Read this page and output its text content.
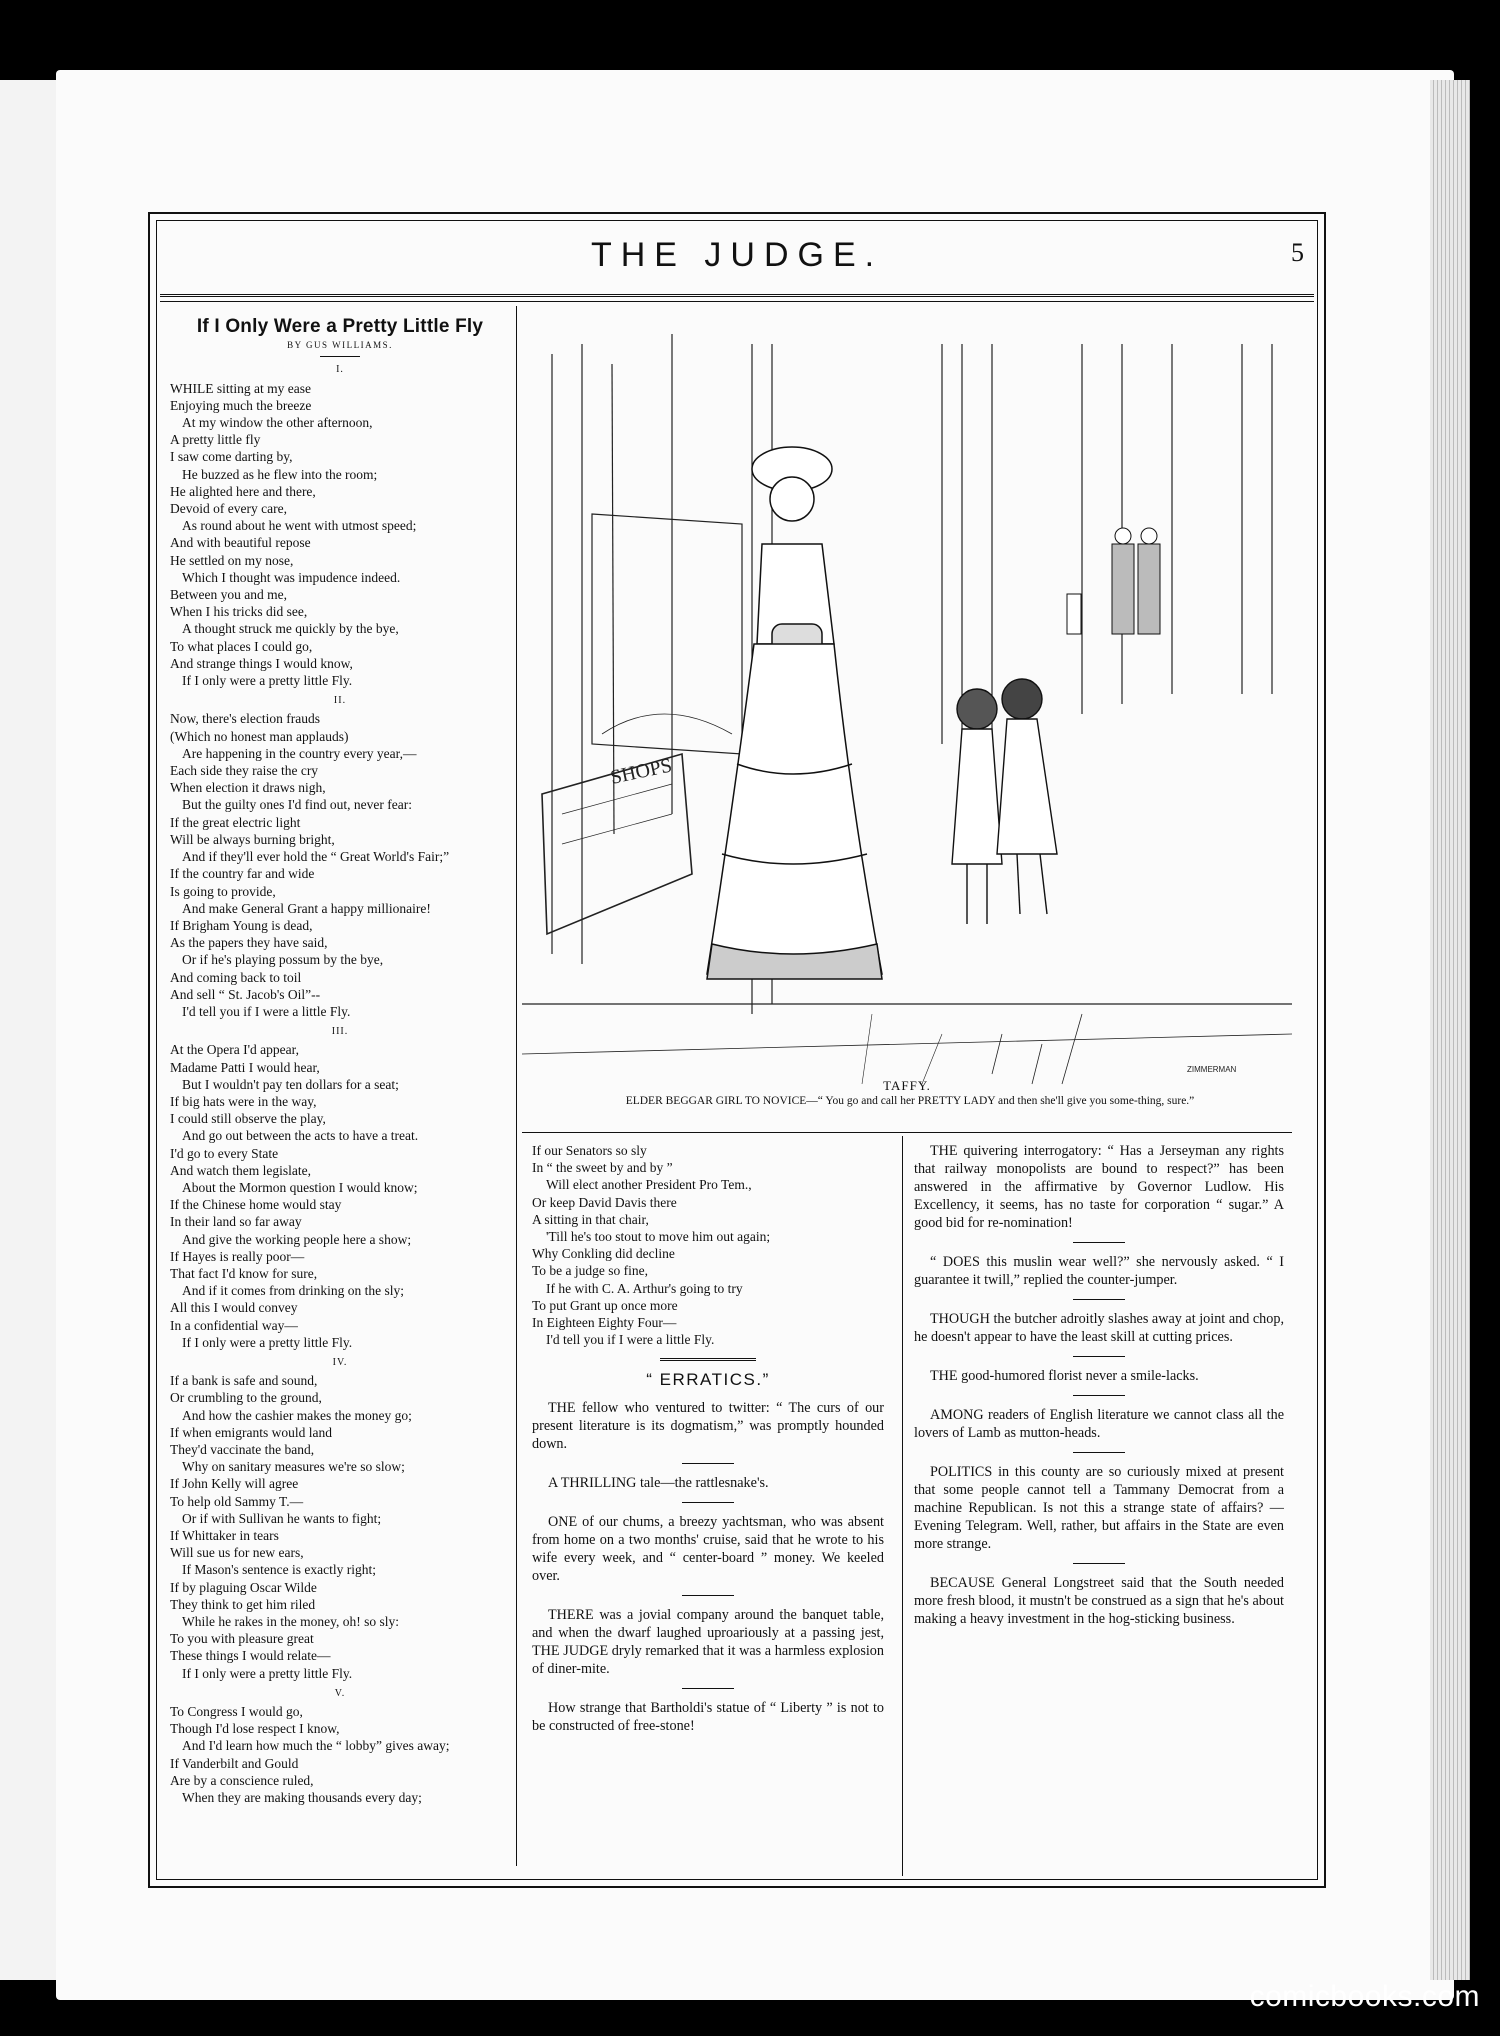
THE JUDGE.	5
If I Only Were a Pretty Little Fly
BY GUS WILLIAMS.
I.
WHILE sitting at my ease
Enjoying much the breeze
At my window the other afternoon,
A pretty little fly
I saw come darting by,
He buzzed as he flew into the room;
He alighted here and there,
Devoid of every care,
As round about he went with utmost speed;
And with beautiful repose
He settled on my nose,
Which I thought was impudence indeed.
Between you and me,
When I his tricks did see,
A thought struck me quickly by the bye,
To what places I could go,
And strange things I would know,
If I only were a pretty little Fly.
II.
Now, there's election frauds
(Which no honest man applauds)
Are happening in the country every year,—
Each side they raise the cry
When election it draws nigh,
But the guilty ones I'd find out, never fear:
If the great electric light
Will be always burning bright,
And if they'll ever hold the “ Great World's Fair;”
If the country far and wide
Is going to provide,
And make General Grant a happy millionaire!
If Brigham Young is dead,
As the papers they have said,
Or if he's playing possum by the bye,
And coming back to toil
And sell “ St. Jacob's Oil”--
I'd tell you if I were a little Fly.
III.
At the Opera I'd appear,
Madame Patti I would hear,
But I wouldn't pay ten dollars for a seat;
If big hats were in the way,
I could still observe the play,
And go out between the acts to have a treat.
I'd go to every State
And watch them legislate,
About the Mormon question I would know;
If the Chinese home would stay
In their land so far away
And give the working people here a show;
If Hayes is really poor—
That fact I'd know for sure,
And if it comes from drinking on the sly;
All this I would convey
In a confidential way—
If I only were a pretty little Fly.
IV.
If a bank is safe and sound,
Or crumbling to the ground,
And how the cashier makes the money go;
If when emigrants would land
They'd vaccinate the band,
Why on sanitary measures we're so slow;
If John Kelly will agree
To help old Sammy T.—
Or if with Sullivan he wants to fight;
If Whittaker in tears
Will sue us for new ears,
If Mason's sentence is exactly right;
If by plaguing Oscar Wilde
They think to get him riled
While he rakes in the money, oh! so sly:
To you with pleasure great
These things I would relate—
If I only were a pretty little Fly.
V.
To Congress I would go,
Though I'd lose respect I know,
And I'd learn how much the “ lobby” gives away;
If Vanderbilt and Gould
Are by a conscience ruled,
When they are making thousands every day;
SHOPS
ZIMMERMAN
TAFFY.
ELDER BEGGAR GIRL TO NOVICE—“ You go and call her PRETTY LADY and then she'll give you some-thing, sure.”
If our Senators so sly
In “ the sweet by and by ”
Will elect another President Pro Tem.,
Or keep David Davis there
A sitting in that chair,
'Till he's too stout to move him out again;
Why Conkling did decline
To be a judge so fine,
If he with C. A. Arthur's going to try
To put Grant up once more
In Eighteen Eighty Four—
I'd tell you if I were a little Fly.
“ ERRATICS.”

THE fellow who ventured to twitter: “ The curs of our present literature is its dogmatism,” was promptly hounded down.

A THRILLING tale—the rattlesnake's.

ONE of our chums, a breezy yachtsman, who was absent from home on a two months' cruise, said that he wrote to his wife every week, and “ center-board ” money. We keeled over.

THERE was a jovial company around the banquet table, and when the dwarf laughed uproariously at a passing jest, THE JUDGE dryly remarked that it was a harmless explosion of diner-mite.

How strange that Bartholdi's statue of “ Liberty ” is not to be constructed of free-stone!

THE quivering interrogatory: “ Has a Jerseyman any rights that railway monopolists are bound to respect?” has been answered in the affirmative by Governor Ludlow. His Excellency, it seems, has no taste for corporation “ sugar.” A good bid for re-nomination!

“ DOES this muslin wear well?” she nervously asked. “ I guarantee it twill,” replied the counter-jumper.

THOUGH the butcher adroitly slashes away at joint and chop, he doesn't appear to have the least skill at cutting prices.

THE good-humored florist never a smile-lacks.

AMONG readers of English literature we cannot class all the lovers of Lamb as mutton-heads.

POLITICS in this county are so curiously mixed at present that some people cannot tell a Tammany Democrat from a machine Republican. Is not this a strange state of affairs? —Evening Telegram. Well, rather, but affairs in the State are even more strange.

BECAUSE General Longstreet said that the South needed more fresh blood, it mustn't be construed as a sign that he's about making a heavy investment in the hog-sticking business.

comicbooks.com
